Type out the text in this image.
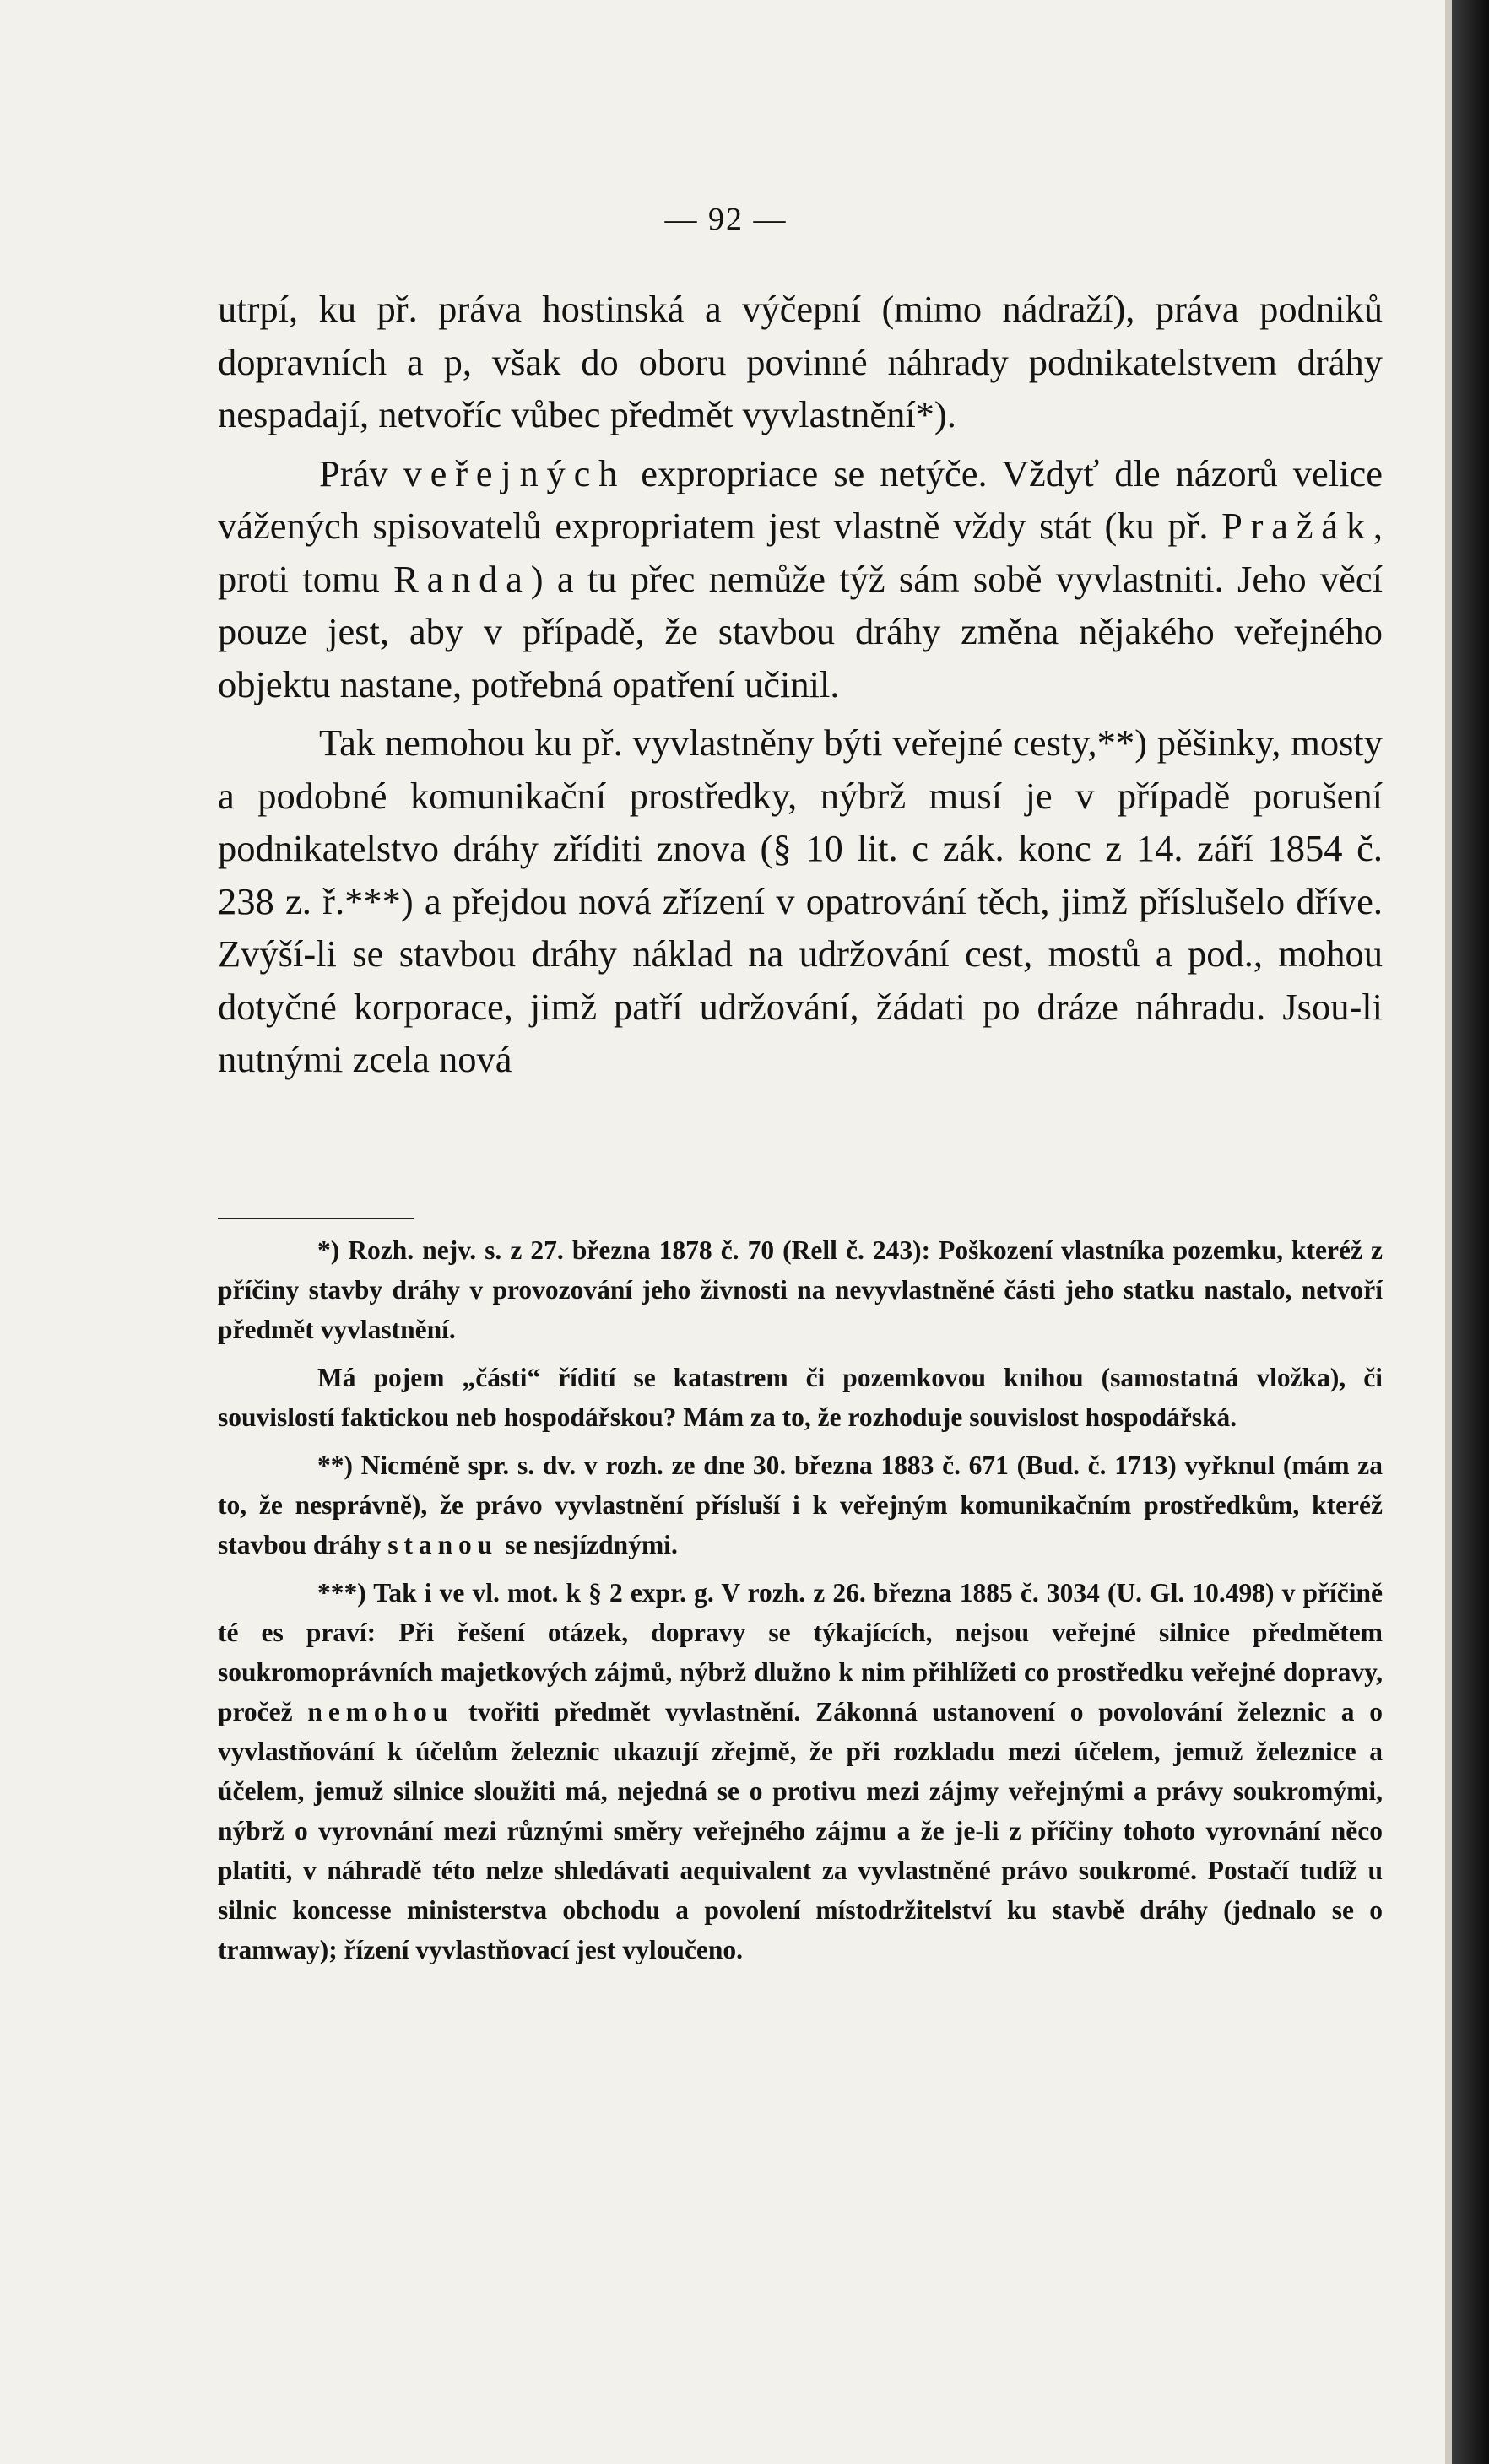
— 92 —

utrpí, ku př. práva hostinská a výčepní (mimo nádraží), práva podniků dopravních a p, však do oboru povinné náhrady podnikatelstvem dráhy nespadají, netvoříc vůbec předmět vyvlastnění*).

Práv veřejných expropriace se netýče. Vždyť dle názorů velice vážených spisovatelů expropriatem jest vlastně vždy stát (ku př. Pražák, proti tomu Randa) a tu přec nemůže týž sám sobě vyvlastniti. Jeho věcí pouze jest, aby v případě, že stavbou dráhy změna nějakého veřejného objektu nastane, potřebná opatření učinil.

Tak nemohou ku př. vyvlastněny býti veřejné cesty,**) pěšinky, mosty a podobné komunikační prostředky, nýbrž musí je v případě porušení podnikatelstvo dráhy zříditi znova (§ 10 lit. c zák. konc z 14. září 1854 č. 238 z. ř.***) a přejdou nová zřízení v opatrování těch, jimž příslušelo dříve. Zvýší-li se stavbou dráhy náklad na udržování cest, mostů a pod., mohou dotyčné korporace, jimž patří udržování, žádati po dráze náhradu. Jsou-li nutnými zcela nová

*) Rozh. nejv. s. z 27. března 1878 č. 70 (Rell č. 243): Poškození vlastníka pozemku, kteréž z příčiny stavby dráhy v provozování jeho živnosti na nevyvlastněné části jeho statku nastalo, netvoří předmět vyvlastnění.

Má pojem „části“ řídití se katastrem či pozemkovou knihou (samostatná vložka), či souvislostí faktickou neb hospodářskou? Mám za to, že rozhoduje souvislost hospodářská.

**) Nicméně spr. s. dv. v rozh. ze dne 30. března 1883 č. 671 (Bud. č. 1713) vyřknul (mám za to, že nesprávně), že právo vyvlastnění přísluší i k veřejným komunikačním prostředkům, kteréž stavbou dráhy stanou se nesjízdnými.

***) Tak i ve vl. mot. k § 2 expr. g. V rozh. z 26. března 1885 č. 3034 (U. Gl. 10.498) v příčině té es praví: Při řešení otázek, dopravy se týkajících, nejsou veřejné silnice předmětem soukromoprávních majetkových zájmů, nýbrž dlužno k nim přihlížeti co prostředku veřejné dopravy, pročež nemohou tvořiti předmět vyvlastnění. Zákonná ustanovení o povolování železnic a o vyvlastňování k účelům železnic ukazují zřejmě, že při rozkladu mezi účelem, jemuž železnice a účelem, jemuž silnice sloužiti má, nejedná se o protivu mezi zájmy veřejnými a právy soukromými, nýbrž o vyrovnání mezi různými směry veřejného zájmu a že je-li z příčiny tohoto vyrovnání něco platiti, v náhradě této nelze shledávati aequivalent za vyvlastněné právo soukromé. Postačí tudíž u silnic koncesse ministerstva obchodu a povolení místodržitelství ku stavbě dráhy (jednalo se o tramway); řízení vyvlastňovací jest vyloučeno.
